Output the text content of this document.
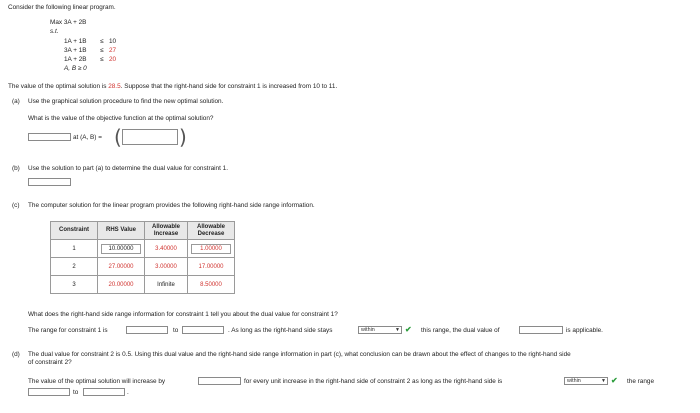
Consider the following linear program.
Max 3A + 2B
s.t.
1A + 1B ≤ 10
3A + 1B ≤ 27
1A + 2B ≤ 20
A, B ≥ 0
The value of the optimal solution is 28.5. Suppose that the right-hand side for constraint 1 is increased from 10 to 11.
(a) Use the graphical solution procedure to find the new optimal solution.
What is the value of the objective function at the optimal solution?
at (A, B) = (	)
(b) Use the solution to part (a) to determine the dual value for constraint 1.
(c) The computer solution for the linear program provides the following right-hand side range information.
Constraint	RHS Value	Allowable Increase	Allowable Decrease
1	10.00000	3.40000	1.00000
2	27.00000	3.00000	17.00000
3	20.00000	Infinite	8.50000
What does the right-hand side range information for constraint 1 tell you about the dual value for constraint 1?
The range for constraint 1 is	to	. As long as the right-hand side stays	within	▼ ✔ this range, the dual value of	is applicable.
(d) The dual value for constraint 2 is 0.5. Using this dual value and the right-hand side range information in part (c), what conclusion can be drawn about the effect of changes to the right-hand side
of constraint 2?
The value of the optimal solution will increase by	for every unit increase in the right-hand side of constraint 2 as long as the right-hand side is	within	▼ ✔ the range
to	.
